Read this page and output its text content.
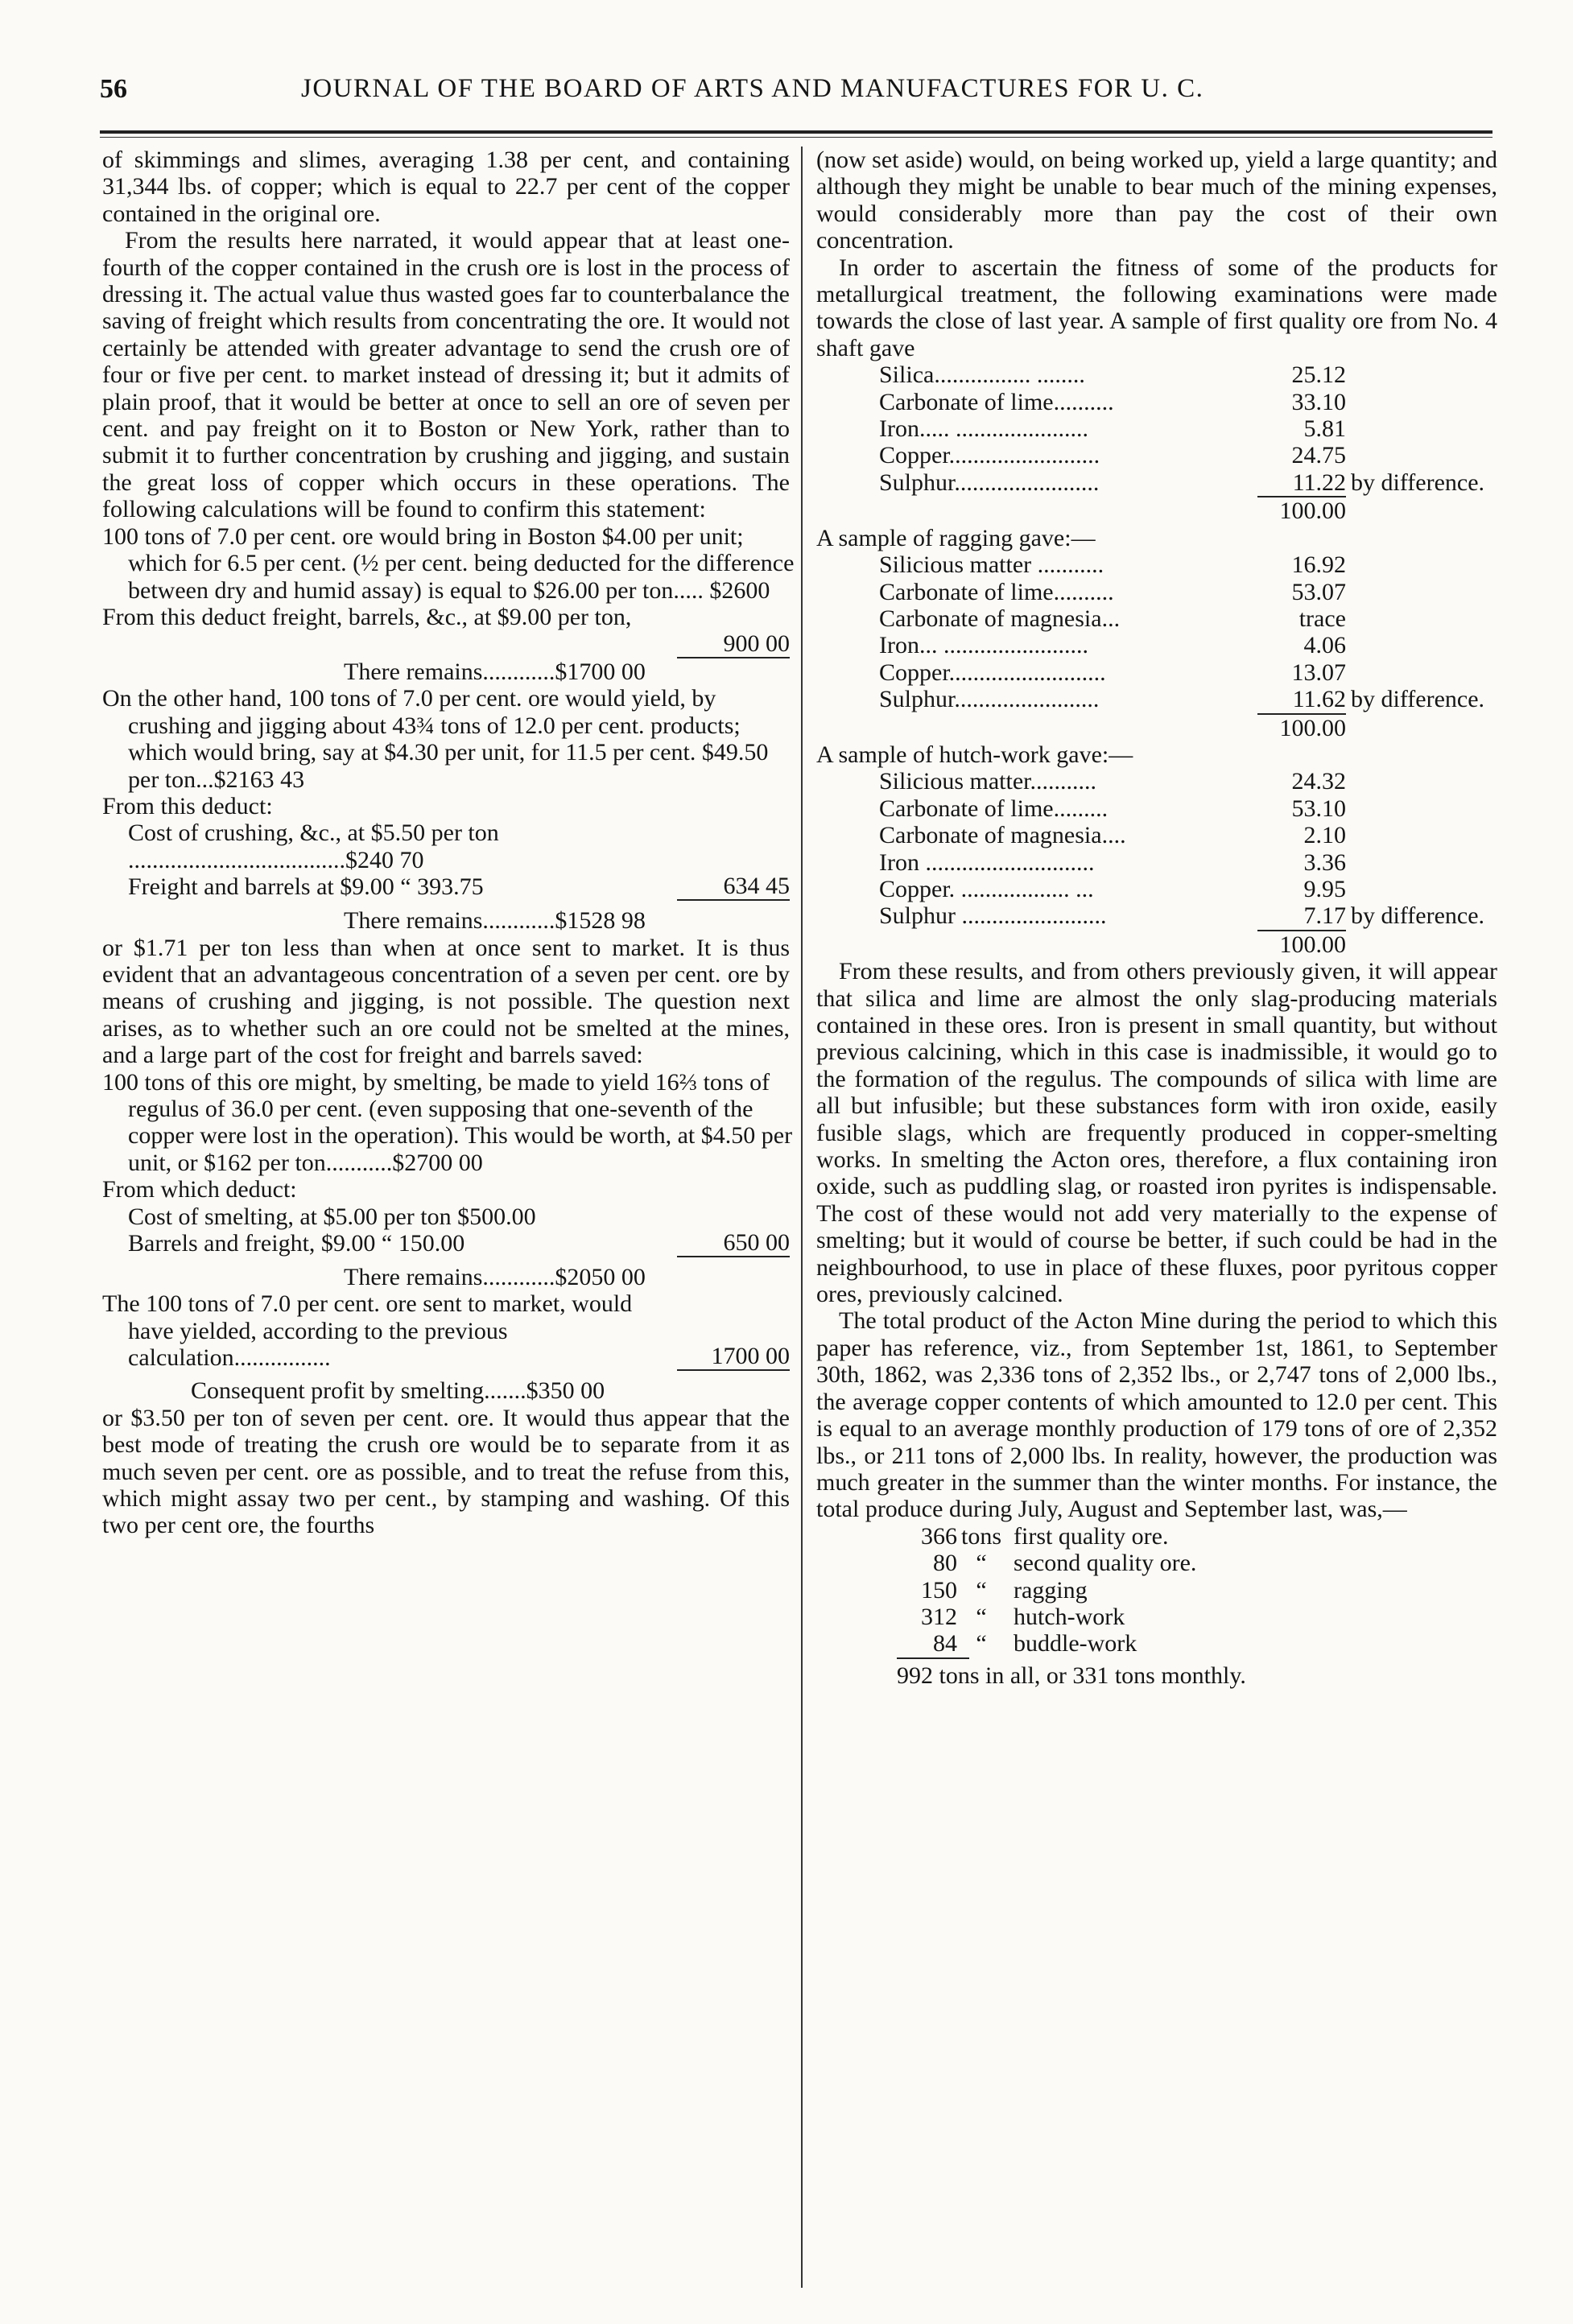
56	JOURNAL OF THE BOARD OF ARTS AND MANUFACTURES FOR U. C.

of skimmings and slimes, averaging 1.38 per cent, and containing 31,344 lbs. of copper; which is equal to 22.7 per cent of the copper contained in the original ore.

From the results here narrated, it would appear that at least one-fourth of the copper contained in the crush ore is lost in the process of dressing it. The actual value thus wasted goes far to counterbalance the saving of freight which results from concentrating the ore. It would not certainly be attended with greater advantage to send the crush ore of four or five per cent. to market instead of dressing it; but it admits of plain proof, that it would be better at once to sell an ore of seven per cent. and pay freight on it to Boston or New York, rather than to submit it to further concentration by crushing and jigging, and sustain the great loss of copper which occurs in these operations. The following calculations will be found to confirm this statement:

100 tons of 7.0 per cent. ore would bring in Boston $4.00 per unit; which for 6.5 per cent. (½ per cent. being deducted for the difference between dry and humid assay) is equal to $26.00 per ton..... $2600
From this deduct freight, barrels, &c., at $9.00 per ton,
900 00

There remains............$1700 00

On the other hand, 100 tons of 7.0 per cent. ore would yield, by crushing and jigging about 43¾ tons of 12.0 per cent. products; which would bring, say at $4.30 per unit, for 11.5 per cent. $49.50 per ton...$2163 43

From this deduct:

Cost of crushing, &c., at $5.50 per ton ....................................$240 70
Freight and barrels at $9.00 “ 393.75	634 45

There remains............$1528 98

or $1.71 per ton less than when at once sent to market. It is thus evident that an advantageous concentration of a seven per cent. ore by means of crushing and jigging, is not possible. The question next arises, as to whether such an ore could not be smelted at the mines, and a large part of the cost for freight and barrels saved:

100 tons of this ore might, by smelting, be made to yield 16⅔ tons of regulus of 36.0 per cent. (even supposing that one-seventh of the copper were lost in the operation). This would be worth, at $4.50 per unit, or $162 per ton...........$2700 00

From which deduct:

Cost of smelting, at $5.00 per ton $500.00
Barrels and freight, $9.00 “ 150.00	650 00

There remains............$2050 00

The 100 tons of 7.0 per cent. ore sent to market, would have yielded, according to the previous calculation................	1700 00

Consequent profit by smelting.......$350 00

or $3.50 per ton of seven per cent. ore. It would thus appear that the best mode of treating the crush ore would be to separate from it as much seven per cent. ore as possible, and to treat the refuse from this, which might assay two per cent., by stamping and washing. Of this two per cent ore, the fourths

(now set aside) would, on being worked up, yield a large quantity; and although they might be unable to bear much of the mining expenses, would considerably more than pay the cost of their own concentration.

In order to ascertain the fitness of some of the products for metallurgical treatment, the following examinations were made towards the close of last year. A sample of first quality ore from No. 4 shaft gave

Silica................ ........	25.12
Carbonate of lime..........	33.10
Iron..... ......................	5.81
Copper.........................	24.75
Sulphur........................	11.22 by difference.
100.00

A sample of ragging gave:—

Silicious matter ...........	16.92
Carbonate of lime..........	53.07
Carbonate of magnesia...	trace
Iron... ........................	4.06
Copper..........................	13.07
Sulphur........................	11.62 by difference.
100.00

A sample of hutch-work gave:—

Silicious matter...........	24.32
Carbonate of lime.........	53.10
Carbonate of magnesia....	2.10
Iron ............................	3.36
Copper. .................. ...	9.95
Sulphur ........................	7.17 by difference.
100.00

From these results, and from others previously given, it will appear that silica and lime are almost the only slag-producing materials contained in these ores. Iron is present in small quantity, but without previous calcining, which in this case is inadmissible, it would go to the formation of the regulus. The compounds of silica with lime are all but infusible; but these substances form with iron oxide, easily fusible slags, which are frequently produced in copper-smelting works. In smelting the Acton ores, therefore, a flux containing iron oxide, such as puddling slag, or roasted iron pyrites is indispensable. The cost of these would not add very materially to the expense of smelting; but it would of course be better, if such could be had in the neighbourhood, to use in place of these fluxes, poor pyritous copper ores, previously calcined.

The total product of the Acton Mine during the period to which this paper has reference, viz., from September 1st, 1861, to September 30th, 1862, was 2,336 tons of 2,352 lbs., or 2,747 tons of 2,000 lbs., the average copper contents of which amounted to 12.0 per cent. This is equal to an average monthly production of 179 tons of ore of 2,352 lbs., or 211 tons of 2,000 lbs. In reality, however, the production was much greater in the summer than the winter months. For instance, the total produce during July, August and September last, was,—

366 tons first quality ore.
80 “	second quality ore.
150 “	ragging
312 “	hutch-work
84 “	buddle-work

992 tons in all, or 331 tons monthly.
